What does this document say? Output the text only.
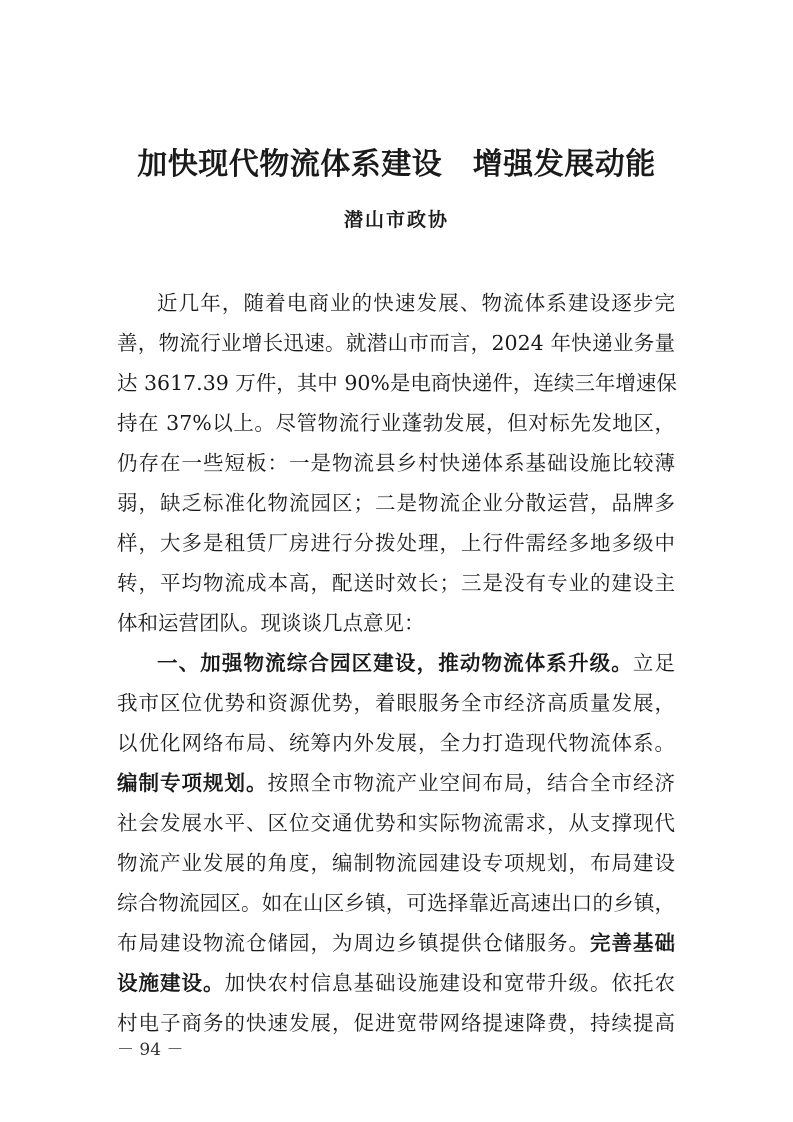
加快现代物流体系建设　增强发展动能
潜山市政协
近几年，随着电商业的快速发展、物流体系建设逐步完
善，物流行业增长迅速。就潜山市而言，2024 年快递业务量
达 3617.39 万件，其中 90%是电商快递件，连续三年增速保
持在 37%以上。尽管物流行业蓬勃发展，但对标先发地区，
仍存在一些短板：一是物流县乡村快递体系基础设施比较薄
弱，缺乏标准化物流园区；二是物流企业分散运营，品牌多
样，大多是租赁厂房进行分拨处理，上行件需经多地多级中
转，平均物流成本高，配送时效长；三是没有专业的建设主
体和运营团队。现谈谈几点意见：
一、加强物流综合园区建设，推动物流体系升级。立足
我市区位优势和资源优势，着眼服务全市经济高质量发展，
以优化网络布局、统筹内外发展，全力打造现代物流体系。
编制专项规划。按照全市物流产业空间布局，结合全市经济
社会发展水平、区位交通优势和实际物流需求，从支撑现代
物流产业发展的角度，编制物流园建设专项规划，布局建设
综合物流园区。如在山区乡镇，可选择靠近高速出口的乡镇，
布局建设物流仓储园，为周边乡镇提供仓储服务。完善基础
设施建设。加快农村信息基础设施建设和宽带升级。依托农
村电子商务的快速发展，促进宽带网络提速降费，持续提高
－ 94 －
